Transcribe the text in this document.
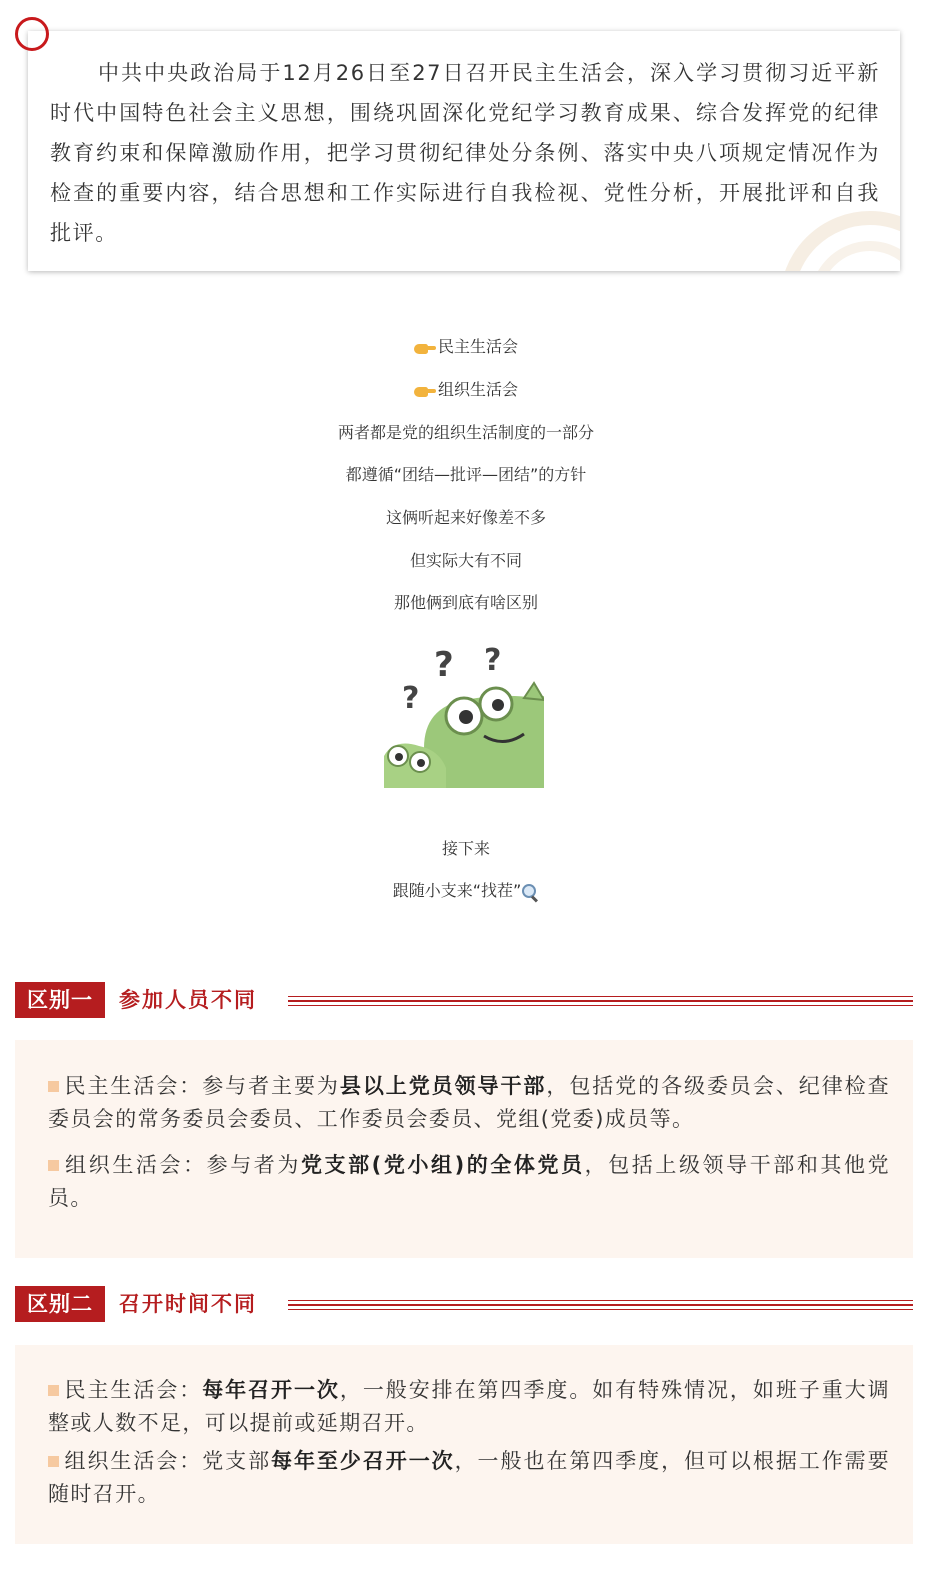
中共中央政治局于12月26日至27日召开民主生活会，深入学习贯彻习近平新时代中国特色社会主义思想，围绕巩固深化党纪学习教育成果、综合发挥党的纪律教育约束和保障激励作用，把学习贯彻纪律处分条例、落实中央八项规定情况作为检查的重要内容，结合思想和工作实际进行自我检视、党性分析，开展批评和自我批评。
民主生活会
组织生活会
两者都是党的组织生活制度的一部分
都遵循“团结—批评—团结”的方针
这俩听起来好像差不多
但实际大有不同
那他俩到底有啥区别
? ?
?
接下来
跟随小支来“找茬”
区别一	参加人员不同
民主生活会：参与者主要为县以上党员领导干部，包括党的各级委员会、纪律检查委员会的常务委员会委员、工作委员会委员、党组(党委)成员等。
组织生活会：参与者为党支部(党小组)的全体党员，包括上级领导干部和其他党员。
区别二	召开时间不同
民主生活会：每年召开一次，一般安排在第四季度。如有特殊情况，如班子重大调整或人数不足，可以提前或延期召开。
组织生活会：党支部每年至少召开一次，一般也在第四季度，但可以根据工作需要随时召开。
